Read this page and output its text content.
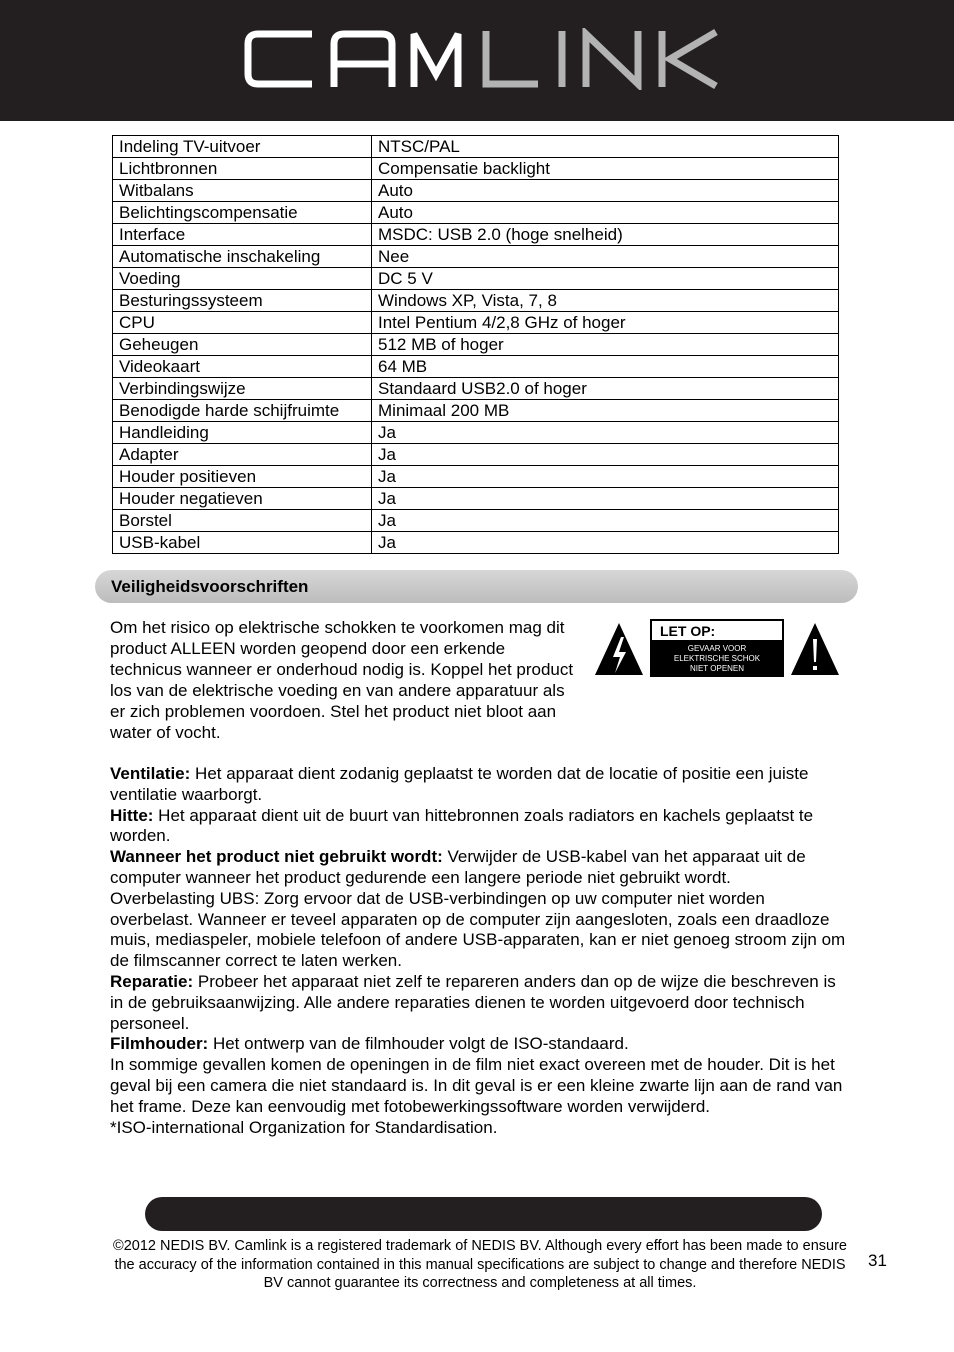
Indeling TV-uitvoer	NTSC/PAL
Lichtbronnen	Compensatie backlight
Witbalans	Auto
Belichtingscompensatie	Auto
Interface	MSDC: USB 2.0 (hoge snelheid)
Automatische inschakeling	Nee
Voeding	DC 5 V
Besturingssysteem	Windows XP, Vista, 7, 8
CPU	Intel Pentium 4/2,8 GHz of hoger
Geheugen	512 MB of hoger
Videokaart	64 MB
Verbindingswijze	Standaard USB2.0 of hoger
Benodigde harde schijfruimte	Minimaal 200 MB
Handleiding	Ja
Adapter	Ja
Houder positieven	Ja
Houder negatieven	Ja
Borstel	Ja
USB-kabel	Ja
Veiligheidsvoorschriften

Om het risico op elektrische schokken te voorkomen mag dit product ALLEEN worden geopend door een erkende technicus wanneer er onderhoud nodig is. Koppel het product los van de elektrische voeding en van andere apparatuur als er zich problemen voordoen. Stel het product niet bloot aan water of vocht.

LET OP:
GEVAAR VOOR
ELEKTRISCHE SCHOK
NIET OPENEN

Ventilatie: Het apparaat dient zodanig geplaatst te worden dat de locatie of positie een juiste ventilatie waarborgt.

Hitte: Het apparaat dient uit de buurt van hittebronnen zoals radiators en kachels geplaatst te worden.

Wanneer het product niet gebruikt wordt: Verwijder de USB-kabel van het apparaat uit de computer wanneer het product gedurende een langere periode niet gebruikt wordt.

Overbelasting UBS: Zorg ervoor dat de USB-verbindingen op uw computer niet worden overbelast. Wanneer er teveel apparaten op de computer zijn aangesloten, zoals een draadloze muis, mediaspeler, mobiele telefoon of andere USB-apparaten, kan er niet genoeg stroom zijn om de filmscanner correct te laten werken.

Reparatie: Probeer het apparaat niet zelf te repareren anders dan op de wijze die beschreven is in de gebruiksaanwijzing. Alle andere reparaties dienen te worden uitgevoerd door technisch personeel.

Filmhouder: Het ontwerp van de filmhouder volgt de ISO-standaard.

In sommige gevallen komen de openingen in de film niet exact overeen met de houder. Dit is het geval bij een camera die niet standaard is. In dit geval is er een kleine zwarte lijn aan de rand van het frame. Deze kan eenvoudig met fotobewerkingssoftware worden verwijderd.

*ISO-international Organization for Standardisation.

©2012 NEDIS BV. Camlink is a registered trademark of NEDIS BV. Although every effort has been made to ensure the accuracy of the information contained in this manual specifications are subject to change and therefore NEDIS BV cannot guarantee its correctness and completeness at all times.

31
